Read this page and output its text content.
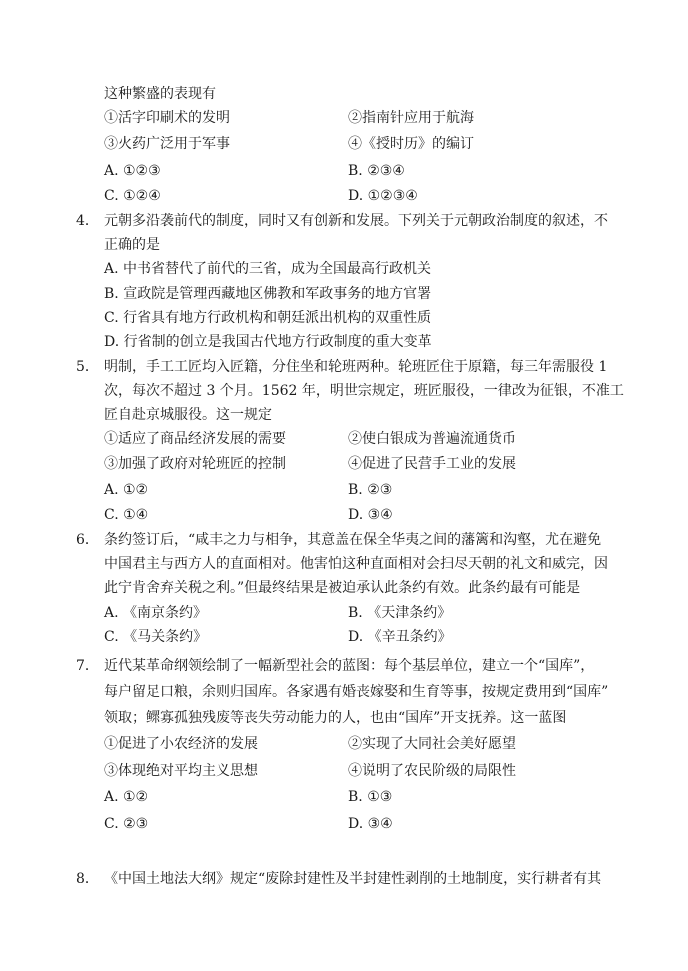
这种繁盛的表现有
①活字印刷术的发明	②指南针应用于航海
③火药广泛用于军事	④《授时历》的编订
A. ①②③	B. ②③④
C. ①②④	D. ①②③④
4． 元朝多沿袭前代的制度，同时又有创新和发展。下列关于元朝政治制度的叙述，不
正确的是
A. 中书省替代了前代的三省，成为全国最高行政机关
B. 宣政院是管理西藏地区佛教和军政事务的地方官署
C. 行省具有地方行政机构和朝廷派出机构的双重性质
D. 行省制的创立是我国古代地方行政制度的重大变革
5． 明制，手工工匠均入匠籍，分住坐和轮班两种。轮班匠住于原籍，每三年需服役 1
次，每次不超过 3 个月。1562 年，明世宗规定，班匠服役，一律改为征银，不准工
匠自赴京城服役。这一规定
①适应了商品经济发展的需要	②使白银成为普遍流通货币
③加强了政府对轮班匠的控制	④促进了民营手工业的发展
A. ①②	B. ②③
C. ①④	D. ③④
6． 条约签订后，“咸丰之力与相争，其意盖在保全华夷之间的藩篱和沟壑，尤在避免
中国君主与西方人的直面相对。他害怕这种直面相对会扫尽天朝的礼文和威完，因
此宁肯舍弃关税之利。”但最终结果是被迫承认此条约有效。此条约最有可能是
A. 《南京条约》	B. 《天津条约》
C. 《马关条约》	D. 《辛丑条约》
7． 近代某革命纲领绘制了一幅新型社会的蓝图：每个基层单位，建立一个“国库”，
每户留足口粮，余则归国库。各家遇有婚丧嫁娶和生育等事，按规定费用到“国库”
领取；鳏寡孤独残废等丧失劳动能力的人，也由“国库”开支抚养。这一蓝图
①促进了小农经济的发展	②实现了大同社会美好愿望
③体现绝对平均主义思想	④说明了农民阶级的局限性
A. ①②	B. ①③
C. ②③	D. ③④
8． 《中国土地法大纲》规定“废除封建性及半封建性剥削的土地制度，实行耕者有其
